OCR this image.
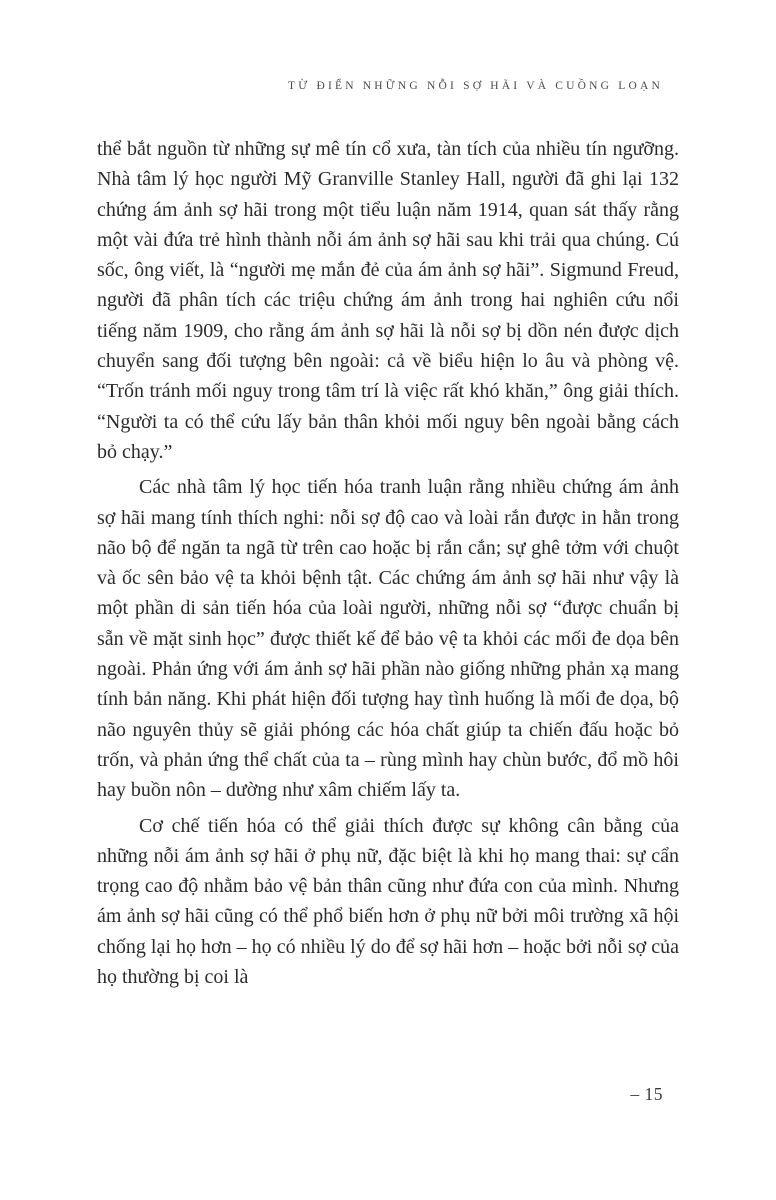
TỪ ĐIỂN NHỮNG NỖI SỢ HÃI VÀ CUỒNG LOẠN

thể bắt nguồn từ những sự mê tín cổ xưa, tàn tích của nhiều tín ngưỡng. Nhà tâm lý học người Mỹ Granville Stanley Hall, người đã ghi lại 132 chứng ám ảnh sợ hãi trong một tiểu luận năm 1914, quan sát thấy rằng một vài đứa trẻ hình thành nỗi ám ảnh sợ hãi sau khi trải qua chúng. Cú sốc, ông viết, là “người mẹ mắn đẻ của ám ảnh sợ hãi”. Sigmund Freud, người đã phân tích các triệu chứng ám ảnh trong hai nghiên cứu nổi tiếng năm 1909, cho rằng ám ảnh sợ hãi là nỗi sợ bị dồn nén được dịch chuyển sang đối tượng bên ngoài: cả về biểu hiện lo âu và phòng vệ. “Trốn tránh mối nguy trong tâm trí là việc rất khó khăn,” ông giải thích. “Người ta có thể cứu lấy bản thân khỏi mối nguy bên ngoài bằng cách bỏ chạy.”

Các nhà tâm lý học tiến hóa tranh luận rằng nhiều chứng ám ảnh sợ hãi mang tính thích nghi: nỗi sợ độ cao và loài rắn được in hằn trong não bộ để ngăn ta ngã từ trên cao hoặc bị rắn cắn; sự ghê tởm với chuột và ốc sên bảo vệ ta khỏi bệnh tật. Các chứng ám ảnh sợ hãi như vậy là một phần di sản tiến hóa của loài người, những nỗi sợ “được chuẩn bị sẵn về mặt sinh học” được thiết kế để bảo vệ ta khỏi các mối đe dọa bên ngoài. Phản ứng với ám ảnh sợ hãi phần nào giống những phản xạ mang tính bản năng. Khi phát hiện đối tượng hay tình huống là mối đe dọa, bộ não nguyên thủy sẽ giải phóng các hóa chất giúp ta chiến đấu hoặc bỏ trốn, và phản ứng thể chất của ta – rùng mình hay chùn bước, đổ mồ hôi hay buồn nôn – dường như xâm chiếm lấy ta.

Cơ chế tiến hóa có thể giải thích được sự không cân bằng của những nỗi ám ảnh sợ hãi ở phụ nữ, đặc biệt là khi họ mang thai: sự cẩn trọng cao độ nhằm bảo vệ bản thân cũng như đứa con của mình. Nhưng ám ảnh sợ hãi cũng có thể phổ biến hơn ở phụ nữ bởi môi trường xã hội chống lại họ hơn – họ có nhiều lý do để sợ hãi hơn – hoặc bởi nỗi sợ của họ thường bị coi là

– 15
